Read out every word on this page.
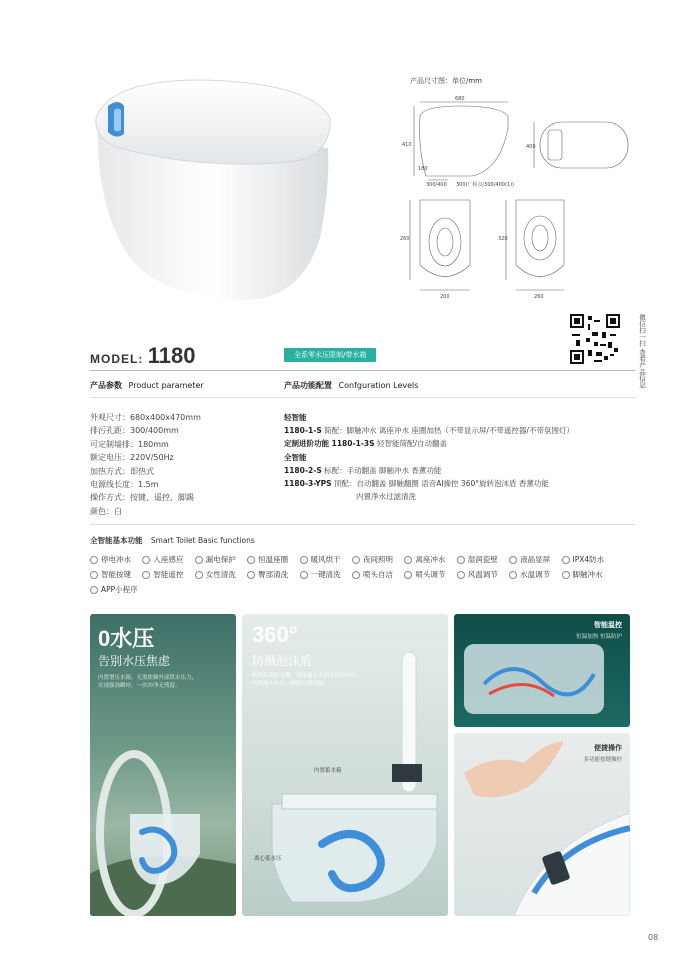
产品尺寸图：单位/mm
680
410
180
300/400 300(厂检点/300/400(1))
400
200
260	320
260
MODEL: 1180	全系零水压限制/带水箱	微信扫一扫 查看产品信息
产品参数 Product parameter	产品功能配置 Confguration Levels
外观尺寸：680x400x470mm
排污孔距：300/400mm
可定制墙排：180mm
额定电压：220V/50Hz
加热方式：即热式
电源线长度：1.5m
操作方式：按键、遥控、脚踢
颜色：白
轻智能
1180-1-S 简配：脚触冲水 离座冲水 座圈加热（不带显示屏/不带遥控器/不带氛围灯）
定制进阶功能 1180-1-3S 轻智能简配/自动翻盖
全智能
1180-2-S 标配：手动翻盖 脚触冲水 香薰功能
1180-3-YPS 顶配：自动翻盖 脚触翻圈 语音AI操控 360°旋转泡沫盾 香薰功能
内置净水过滤清洗
全智能基本功能 Smart Toilet Basic functions
停电冲水	入座感应	漏电保护	恒温座圈	暖风烘干	夜间照明	离座冲水	湿润瓷壁	液晶显屏	IPX4防水
智能按键	智能遥控	女性清洗	臀部清洗	一键清洗	喷头自洁	喷头调节	风温调节	水温调节	脚触冲水
APP小程序
0水压
告别水压焦虑
内置增压水箱，无需依赖外部供水压力，
实现强劲瞬冲，一次冲净无残留。
360°
防溅泡沫盾
物理阻隔防飞溅，泡沫覆盖水面形成缓冲层，
有效减少水花、抑制分解异味。
内置蓄水箱
离心低水压
智能温控
恒温加热 恒温防护
便捷操作
多功能按键操控
08
